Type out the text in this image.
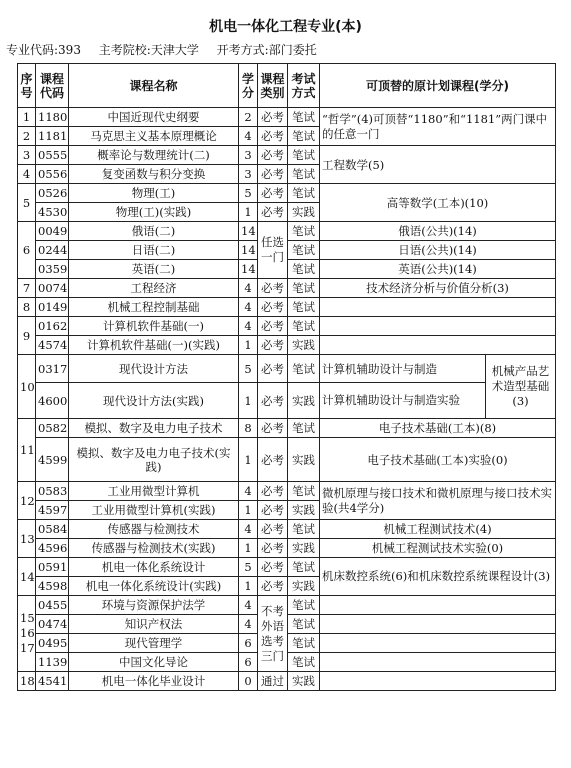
机电一体化工程专业(本)
专业代码:393 主考院校:天津大学 开考方式:部门委托
序号	课程代码	课程名称	学分	课程类别	考试方式	可顶替的原计划课程(学分)	
1	1180	中国近现代史纲要	2	必考	笔试	“哲学”(4)可顶替“1180”和“1181”两门课中的任意一门	
2	1181	马克思主义基本原理概论	4	必考	笔试		
3	0555	概率论与数理统计(二)	3	必考	笔试	工程数学(5)	
4	0556	复变函数与积分变换	3	必考	笔试		
5	0526	物理(工)	5	必考	笔试	高等数学(工本)(10)	
	4530	物理(工)(实践)	1	必考	实践		
6	0049	俄语(二)	14	任选一门	笔试	俄语(公共)(14)	
	0244	日语(二)	14		笔试	日语(公共)(14)	
	0359	英语(二)	14		笔试	英语(公共)(14)	
7	0074	工程经济	4	必考	笔试	技术经济分析与价值分析(3)	
8	0149	机械工程控制基础	4	必考	笔试		
9	0162	计算机软件基础(一)	4	必考	笔试		
	4574	计算机软件基础(一)(实践)	1	必考	实践		
10	0317	现代设计方法	5	必考	笔试	计算机辅助设计与制造	机械产品艺术造型基础(3)
	4600	现代设计方法(实践)	1	必考	实践	计算机辅助设计与制造实验	
11	0582	模拟、数字及电力电子技术	8	必考	笔试	电子技术基础(工本)(8)	
	4599	模拟、数字及电力电子技术(实践)	1	必考	实践	电子技术基础(工本)实验(0)	
12	0583	工业用微型计算机	4	必考	笔试	微机原理与接口技术和微机原理与接口技术实验(共4学分)	
	4597	工业用微型计算机(实践)	1	必考	实践		
13	0584	传感器与检测技术	4	必考	笔试	机械工程测试技术(4)	
	4596	传感器与检测技术(实践)	1	必考	实践	机械工程测试技术实验(0)	
14	0591	机电一体化系统设计	5	必考	笔试	机床数控系统(6)和机床数控系统课程设计(3)	
	4598	机电一体化系统设计(实践)	1	必考	实践		
15 16 17	0455	环境与资源保护法学	4	不考外语选考三门	笔试		
	0474	知识产权法	4		笔试		
	0495	现代管理学	6		笔试		
	1139	中国文化导论	6		笔试		
18	4541	机电一体化毕业设计	0	通过	实践		
